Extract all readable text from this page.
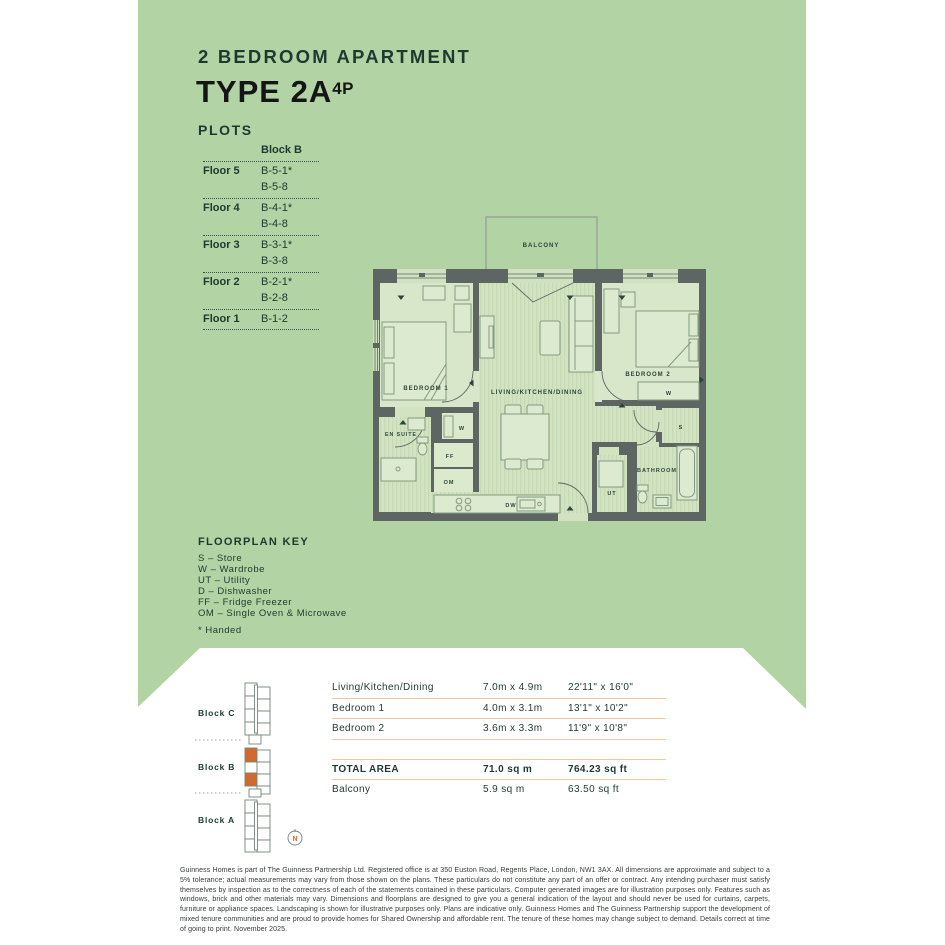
2 BEDROOM APARTMENT
TYPE $2A^{4P}$
PLOTS
Block B
Floor 5	B-5-1*
B-5-8
Floor 4	B-4-1*
B-4-8
Floor 3	B-3-1*
B-3-8
Floor 2	B-2-1*
B-2-8
Floor 1	B-1-2
BALCONY
BEDROOM 1
LIVING/KITCHEN/DINING
BEDROOM 2
EN SUITE
W
FF
OM
DW
UT
BATHROOM
W
S
FLOORPLAN KEY
S – Store
W – Wardrobe
UT – Utility
D – Dishwasher
FF – Fridge Freezer
OM – Single Oven & Microwave
* Handed
Living/Kitchen/Dining	7.0m x 4.9m	22'11" x 16'0"
Bedroom 1	4.0m x 3.1m	13'1" x 10'2"
Bedroom 2	3.6m x 3.3m	11'9" x 10'8"
TOTAL AREA	71.0 sq m	764.23 sq ft
Balcony	5.9 sq m	63.50 sq ft
Block C
Block B
Block A
N
Guinness Homes is part of The Guinness Partnership Ltd. Registered office is at 350 Euston Road, Regents Place, London, NW1 3AX. All dimensions are approximate and subject to a 5% tolerance; actual measurements may vary from those shown on the plans. These particulars do not constitute any part of an offer or contract. Any intending purchaser must satisfy themselves by inspection as to the correctness of each of the statements contained in these particulars. Computer generated images are for illustration purposes only. Features such as windows, brick and other materials may vary. Dimensions and floorplans are designed to give you a general indication of the layout and should never be used for curtains, carpets, furniture or appliance spaces. Landscaping is shown for illustrative purposes only. Plans are indicative only. Guinness Homes and The Guinness Partnership support the development of mixed tenure communities and are proud to provide homes for Shared Ownership and affordable rent. The tenure of these homes may change subject to demand. Details correct at time of going to print. November 2025.
